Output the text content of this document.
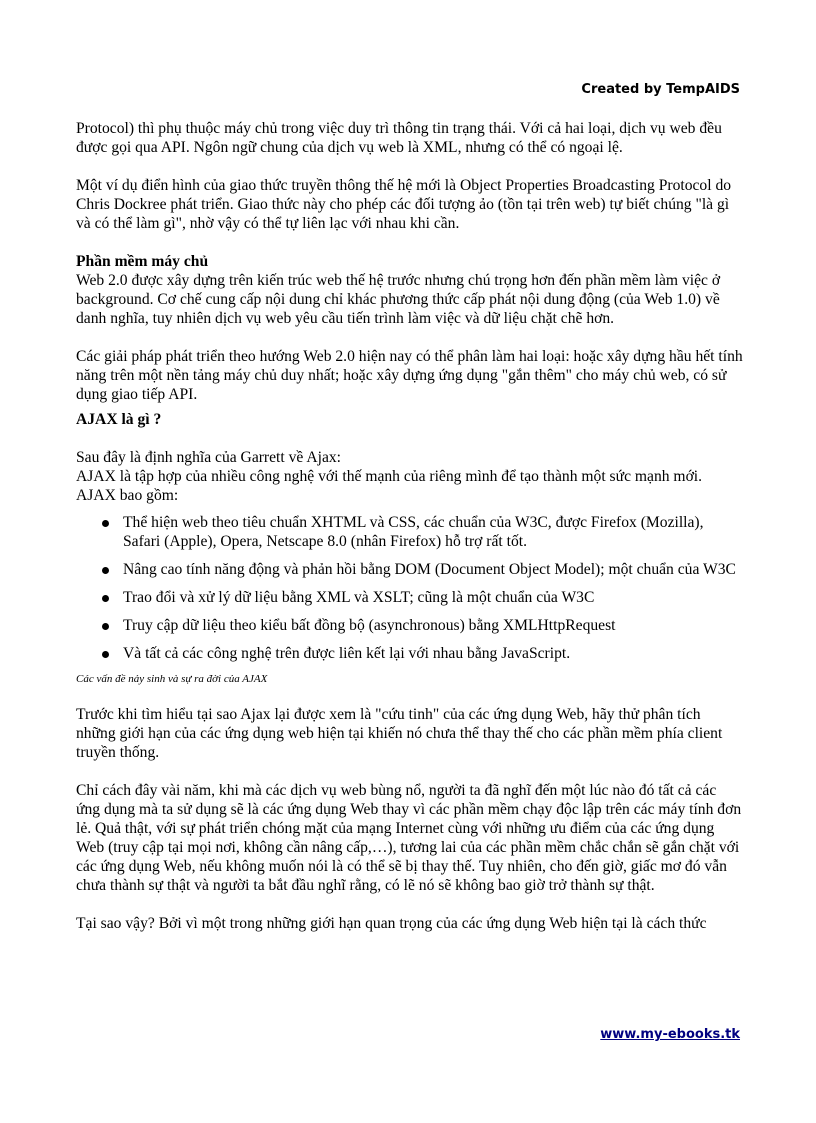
Created by TempAIDS

Protocol) thì phụ thuộc máy chủ trong việc duy trì thông tin trạng thái. Với cả hai loại, dịch vụ web đều được gọi qua API. Ngôn ngữ chung của dịch vụ web là XML, nhưng có thể có ngoại lệ.

Một ví dụ điển hình của giao thức truyền thông thế hệ mới là Object Properties Broadcasting Protocol do Chris Dockree phát triển. Giao thức này cho phép các đối tượng ảo (tồn tại trên web) tự biết chúng "là gì và có thể làm gì", nhờ vậy có thể tự liên lạc với nhau khi cần.

Phần mềm máy chủ

Web 2.0 được xây dựng trên kiến trúc web thế hệ trước nhưng chú trọng hơn đến phần mềm làm việc ở background. Cơ chế cung cấp nội dung chỉ khác phương thức cấp phát nội dung động (của Web 1.0) về danh nghĩa, tuy nhiên dịch vụ web yêu cầu tiến trình làm việc và dữ liệu chặt chẽ hơn.

Các giải pháp phát triển theo hướng Web 2.0 hiện nay có thể phân làm hai loại: hoặc xây dựng hầu hết tính năng trên một nền tảng máy chủ duy nhất; hoặc xây dựng ứng dụng "gắn thêm" cho máy chủ web, có sử dụng giao tiếp API.

AJAX là gì ?

Sau đây là định nghĩa của Garrett về Ajax:

AJAX là tập hợp của nhiều công nghệ với thế mạnh của riêng mình để tạo thành một sức mạnh mới. AJAX bao gồm:

Thể hiện web theo tiêu chuẩn XHTML và CSS, các chuẩn của W3C, được Firefox (Mozilla), Safari (Apple), Opera, Netscape 8.0 (nhân Firefox) hỗ trợ rất tốt.
Nâng cao tính năng động và phản hồi bằng DOM (Document Object Model); một chuẩn của W3C
Trao đổi và xử lý dữ liệu bằng XML và XSLT; cũng là một chuẩn của W3C
Truy cập dữ liệu theo kiểu bất đồng bộ (asynchronous) bằng XMLHttpRequest
Và tất cả các công nghệ trên được liên kết lại với nhau bằng JavaScript.

Các vấn đề nảy sinh và sự ra đời của AJAX

Trước khi tìm hiểu tại sao Ajax lại được xem là "cứu tinh" của các ứng dụng Web, hãy thử phân tích những giới hạn của các ứng dụng web hiện tại khiến nó chưa thể thay thế cho các phần mềm phía client truyền thống.

Chỉ cách đây vài năm, khi mà các dịch vụ web bùng nổ, người ta đã nghĩ đến một lúc nào đó tất cả các ứng dụng mà ta sử dụng sẽ là các ứng dụng Web thay vì các phần mềm chạy độc lập trên các máy tính đơn lẻ. Quả thật, với sự phát triển chóng mặt của mạng Internet cùng với những ưu điểm của các ứng dụng Web (truy cập tại mọi nơi, không cần nâng cấp,…), tương lai của các phần mềm chắc chắn sẽ gắn chặt với các ứng dụng Web, nếu không muốn nói là có thể sẽ bị thay thế. Tuy nhiên, cho đến giờ, giấc mơ đó vẫn chưa thành sự thật và người ta bắt đầu nghĩ rằng, có lẽ nó sẽ không bao giờ trở thành sự thật.

Tại sao vậy? Bởi vì một trong những giới hạn quan trọng của các ứng dụng Web hiện tại là cách thức

www.my-ebooks.tk
